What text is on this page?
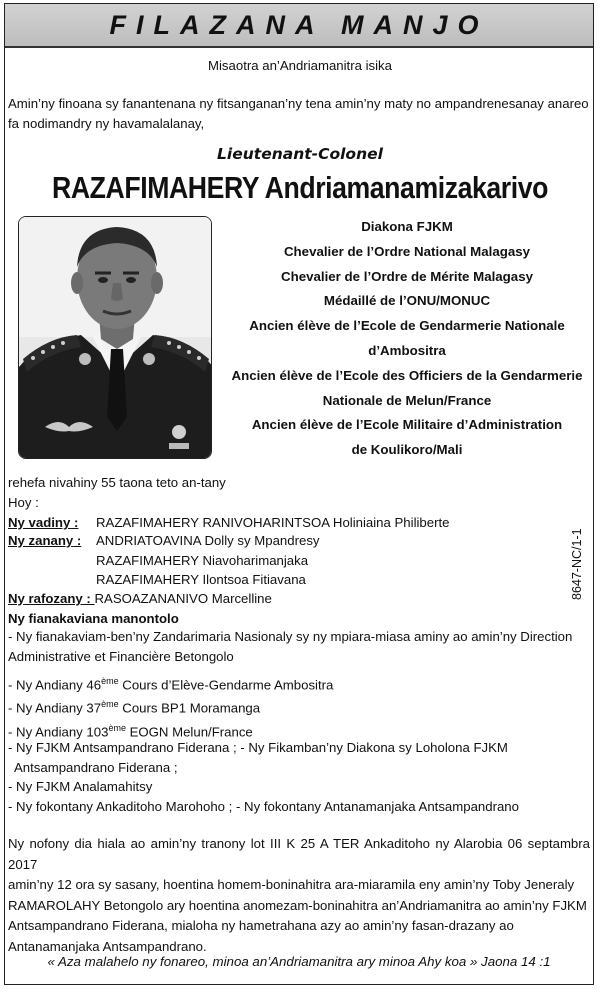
FILAZANA MANJO
Misaotra an’Andriamanitra isika
Amin’ny finoana sy fanantenana ny fitsanganan’ny tena amin’ny maty no ampandrenesanay anareo
fa nodimandry ny havamalalanay,
Lieutenant-Colonel
RAZAFIMAHERY Andriamanamizakarivo
Diakona FJKM
Chevalier de l’Ordre National Malagasy
Chevalier de l’Ordre de Mérite Malagasy
Médaillé de l’ONU/MONUC
Ancien élève de l’Ecole de Gendarmerie Nationale
d’Ambositra
Ancien élève de l’Ecole des Officiers de la Gendarmerie
Nationale de Melun/France
Ancien élève de l’Ecole Militaire d’Administration
de Koulikoro/Mali
rehefa nivahiny 55 taona teto an-tany
Hoy :
Ny vadiny : RAZAFIMAHERY RANIVOHARINTSOA Holiniaina Philiberte
Ny zanany : ANDRIATOAVINA Dolly sy Mpandresy
RAZAFIMAHERY Niavoharimanjaka
RAZAFIMAHERY Ilontsoa Fitiavana
Ny rafozany : RASOAZANANIVO Marcelline
Ny fianakaviana manontolo
- Ny fianakaviam-ben’ny Zandarimaria Nasionaly sy ny mpiara-miasa aminy ao amin’ny Direction
Administrative et Financière Betongolo
- Ny Andiany 46ème Cours d’Elève-Gendarme Ambositra
- Ny Andiany 37ème Cours BP1 Moramanga
- Ny Andiany 103ème EOGN Melun/France
- Ny FJKM Antsampandrano Fiderana ; - Ny Fikamban’ny Diakona sy Loholona FJKM
Antsampandrano Fiderana ;
- Ny FJKM Analamahitsy
- Ny fokontany Ankaditoho Marohoho ; - Ny fokontany Antanamanjaka Antsampandrano
Ny nofony dia hiala ao amin’ny tranony lot III K 25 A TER Ankaditoho ny Alarobia 06 septambra 2017
amin’ny 12 ora sy sasany, hoentina homem-boninahitra ara-miaramila eny amin’ny Toby Jeneraly
RAMAROLAHY Betongolo ary hoentina anomezam-boninahitra an’Andriamanitra ao amin’ny FJKM
Antsampandrano Fiderana, mialoha ny hametrahana azy ao amin’ny fasan-drazany ao
Antanamanjaka Antsampandrano.
« Aza malahelo ny fonareo, minoa an’Andriamanitra ary minoa Ahy koa » Jaona 14 :1
8647-NC/1-1
